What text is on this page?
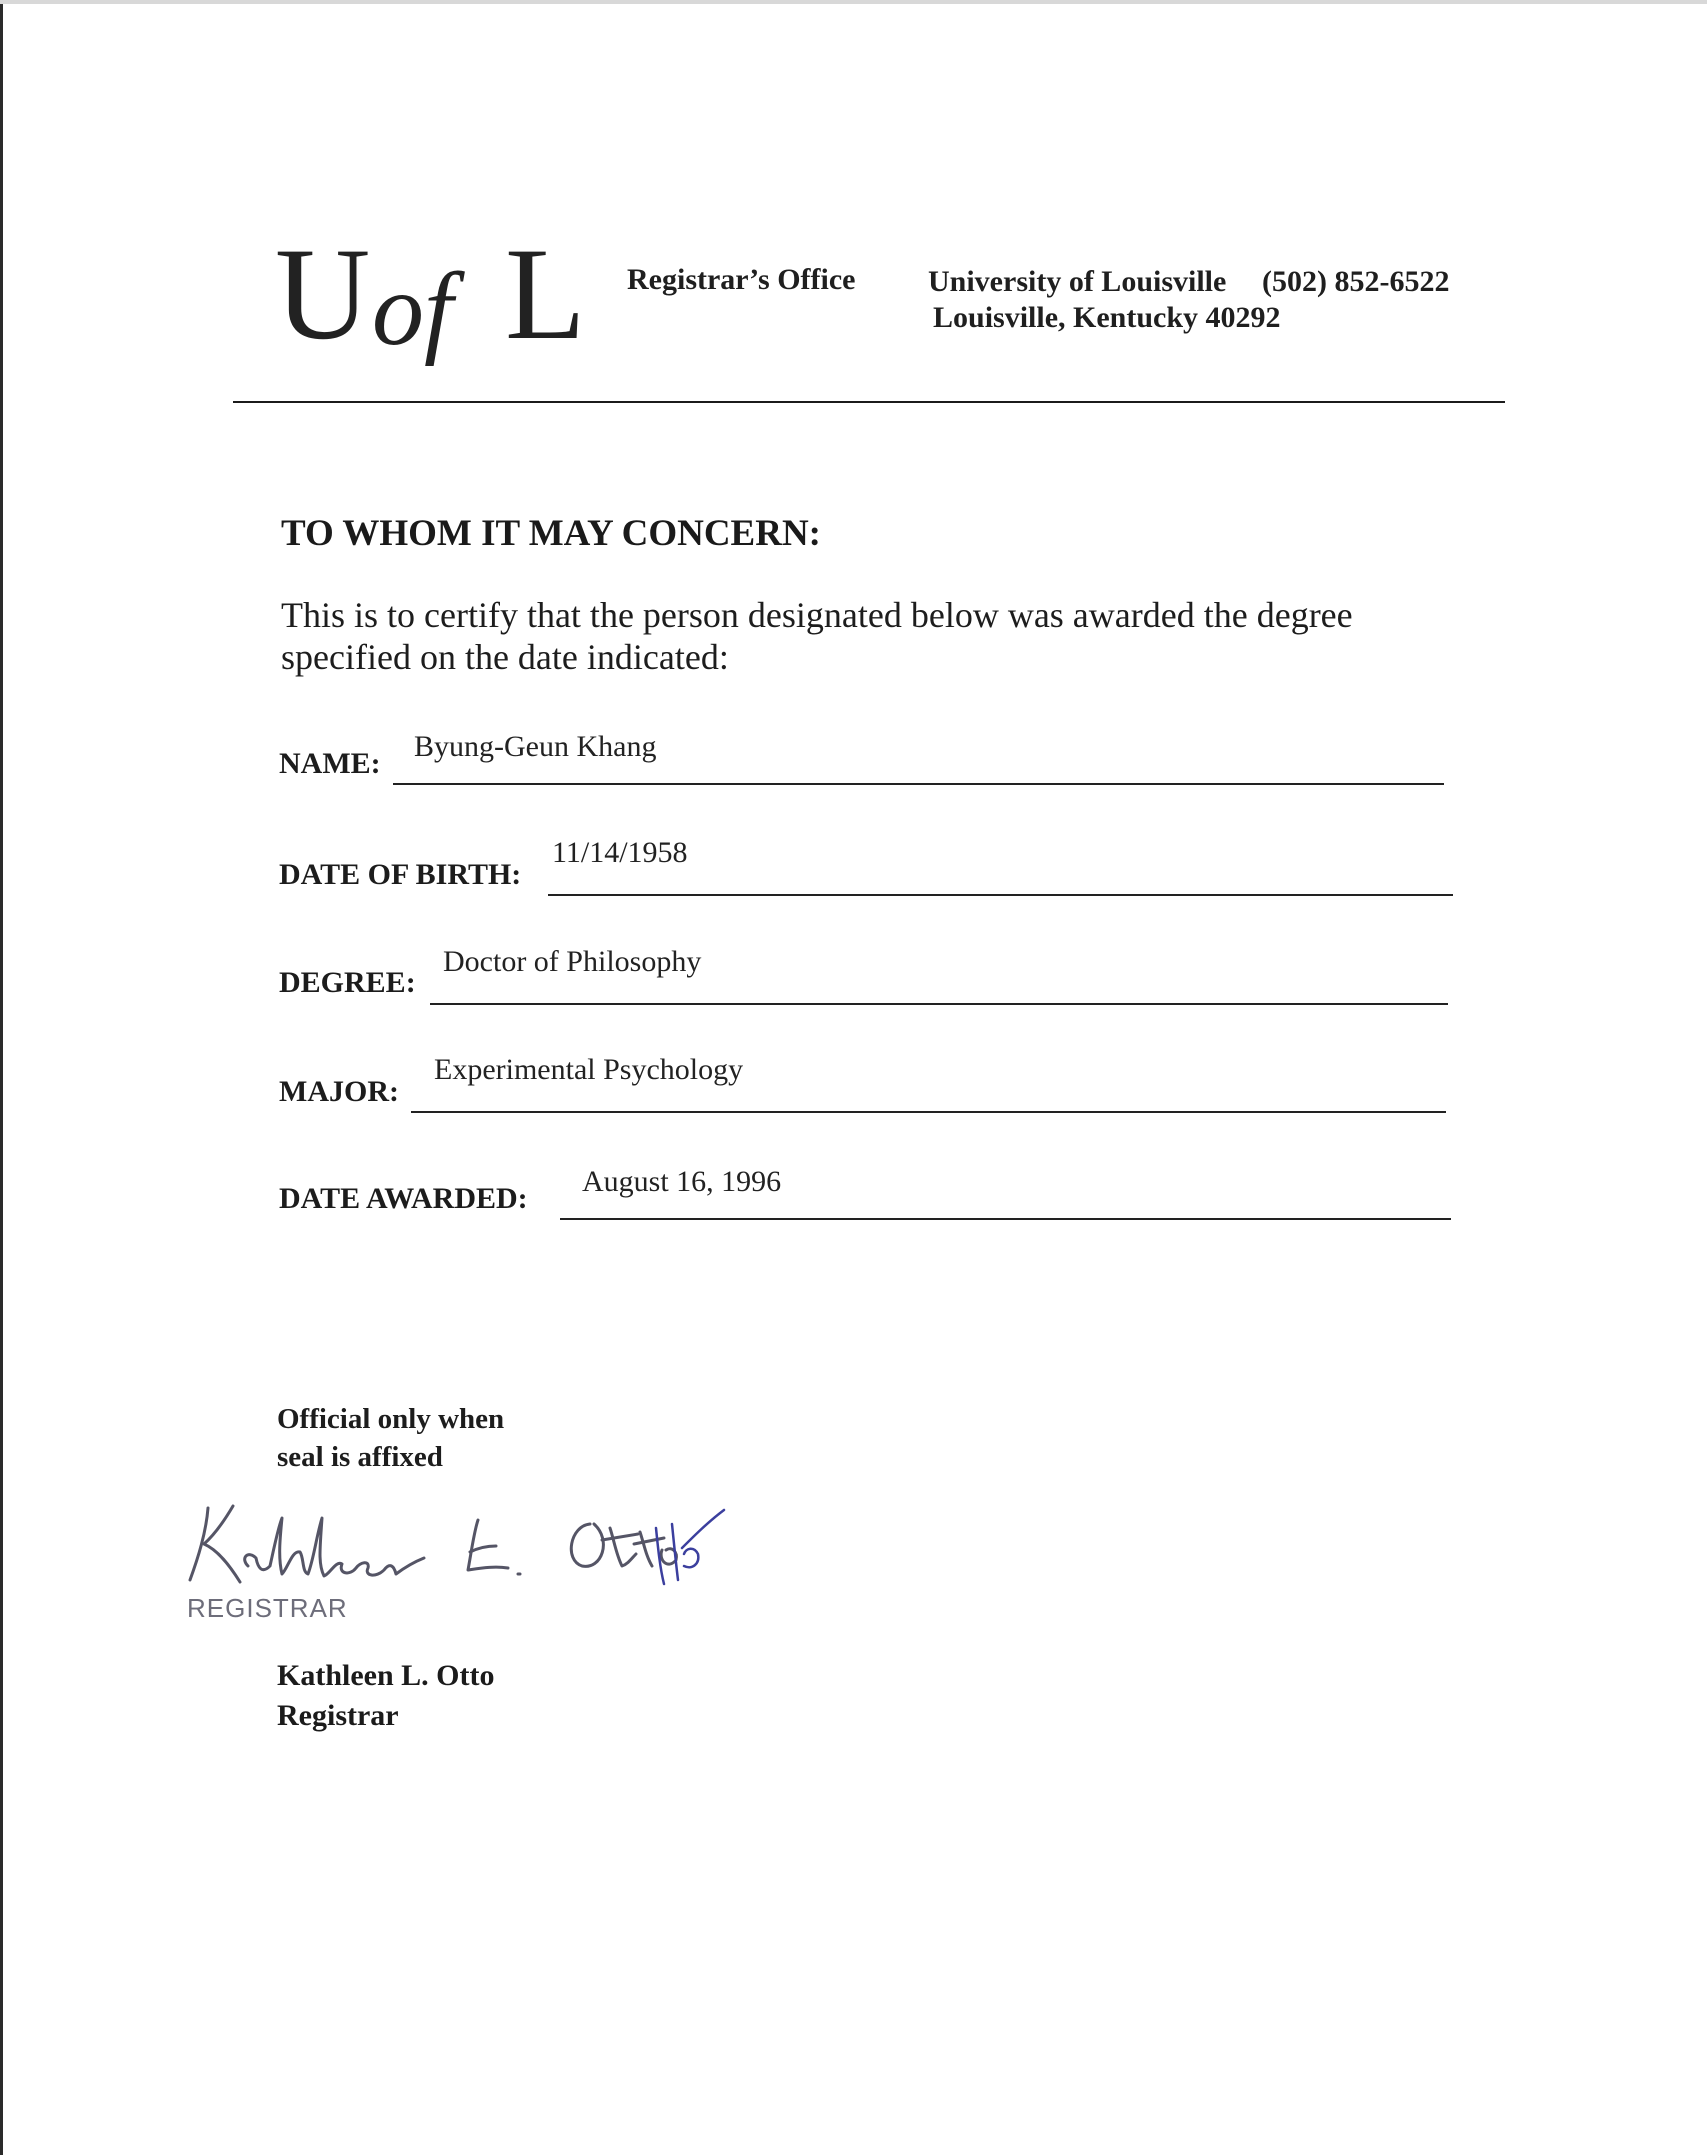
U of L Registrar’s Office University of Louisville (502) 852-6522
Louisville, Kentucky 40292
TO WHOM IT MAY CONCERN:
This is to certify that the person designated below was awarded the degree specified on the date indicated:
NAME:
Byung-Geun Khang
DATE OF BIRTH:
11/14/1958
DEGREE:
Doctor of Philosophy
MAJOR:
Experimental Psychology
DATE AWARDED:
August 16, 1996
Official only when
seal is affixed
REGISTRAR
Kathleen L. Otto
Registrar
